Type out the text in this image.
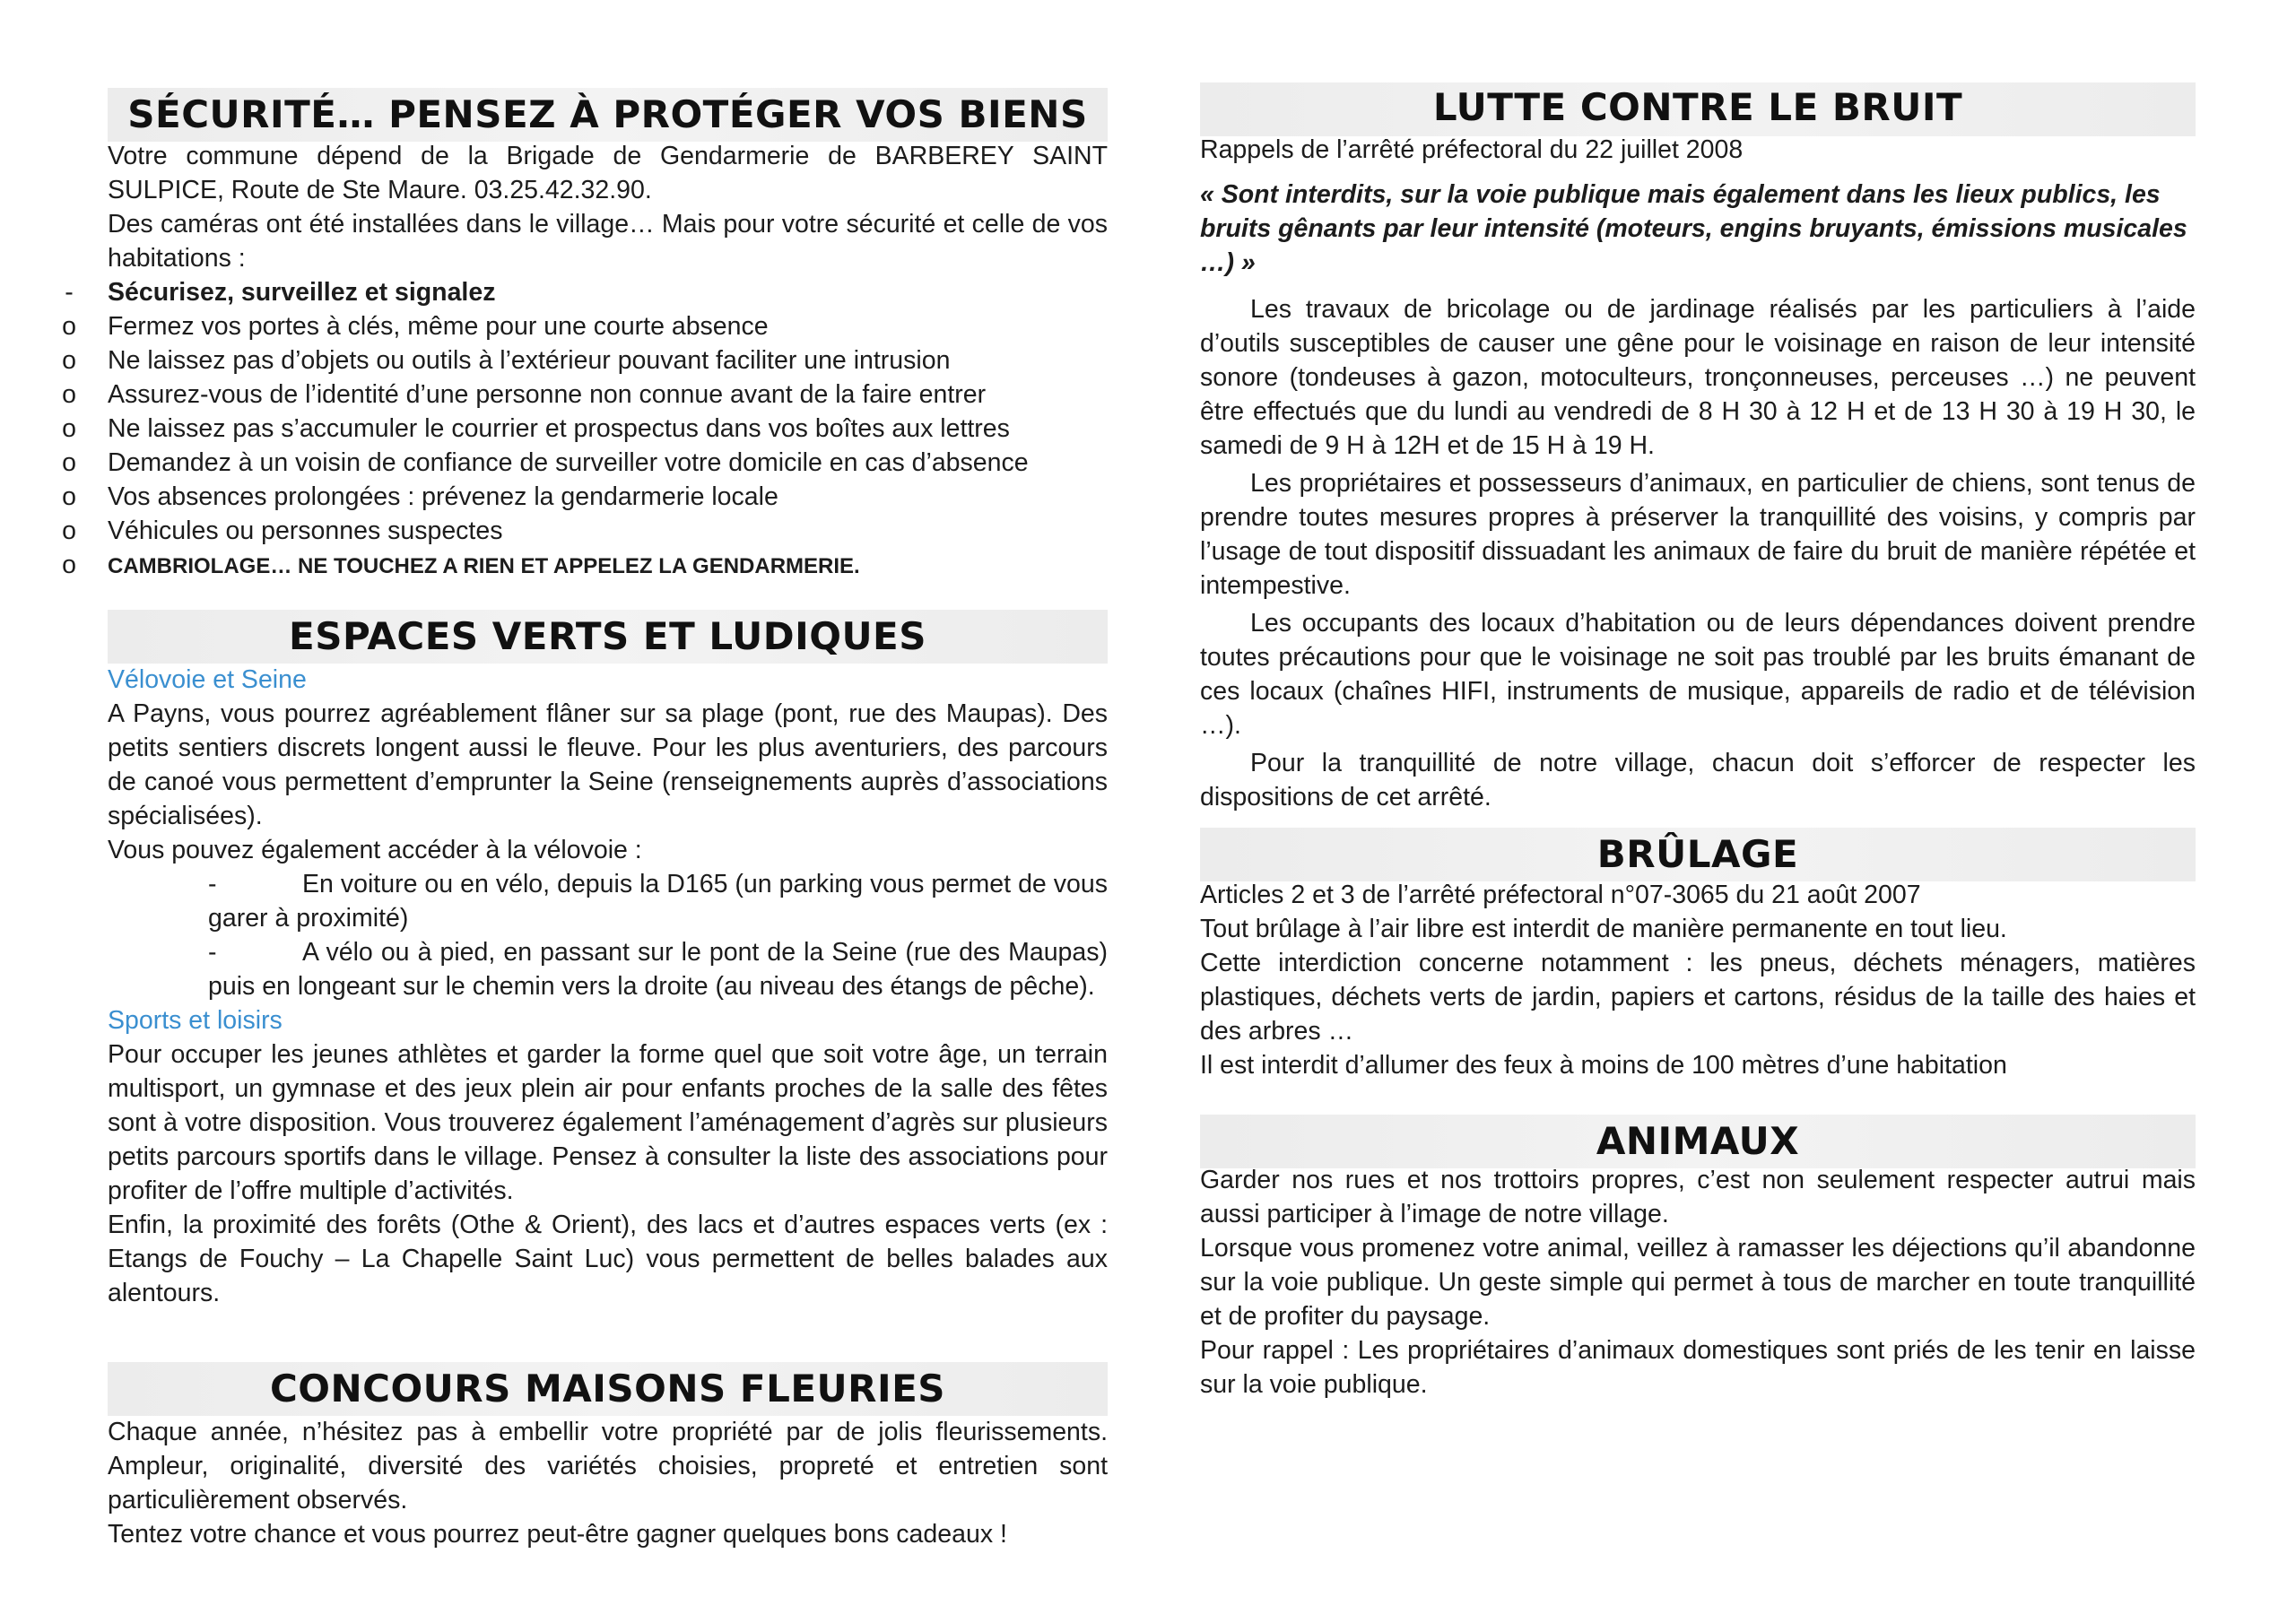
SÉCURITÉ… PENSEZ À PROTÉGER VOS BIENS

Votre commune dépend de la Brigade de Gendarmerie de BARBEREY SAINT SULPICE, Route de Ste Maure. 03.25.42.32.90.

Des caméras ont été installées dans le village… Mais pour votre sécurité et celle de vos habitations :

-	Sécurisez, surveillez et signalez
o Fermez vos portes à clés, même pour une courte absence
o Ne laissez pas d’objets ou outils à l’extérieur pouvant faciliter une intrusion
o Assurez-vous de l’identité d’une personne non connue avant de la faire entrer
o Ne laissez pas s’accumuler le courrier et prospectus dans vos boîtes aux lettres
o Demandez à un voisin de confiance de surveiller votre domicile en cas d’absence
o Vos absences prolongées : prévenez la gendarmerie locale
o Véhicules ou personnes suspectes
o CAMBRIOLAGE… NE TOUCHEZ A RIEN ET APPELEZ LA GENDARMERIE.
ESPACES VERTS ET LUDIQUES

Vélovoie et Seine

A Payns, vous pourrez agréablement flâner sur sa plage (pont, rue des Maupas). Des petits sentiers discrets longent aussi le fleuve. Pour les plus aventuriers, des parcours de canoé vous permettent d’emprunter la Seine (renseignements auprès d’associations spécialisées).

Vous pouvez également accéder à la vélovoie :

-	En voiture ou en vélo, depuis la D165 (un parking vous permet de vous garer à proximité)

-	A vélo ou à pied, en passant sur le pont de la Seine (rue des Maupas) puis en longeant sur le chemin vers la droite (au niveau des étangs de pêche).

Sports et loisirs

Pour occuper les jeunes athlètes et garder la forme quel que soit votre âge, un terrain multisport, un gymnase et des jeux plein air pour enfants proches de la salle des fêtes sont à votre disposition. Vous trouverez également l’aménagement d’agrès sur plusieurs petits parcours sportifs dans le village. Pensez à consulter la liste des associations pour profiter de l’offre multiple d’activités.

Enfin, la proximité des forêts (Othe & Orient), des lacs et d’autres espaces verts (ex : Etangs de Fouchy – La Chapelle Saint Luc) vous permettent de belles balades aux alentours.

CONCOURS MAISONS FLEURIES

Chaque année, n’hésitez pas à embellir votre propriété par de jolis fleurissements. Ampleur, originalité, diversité des variétés choisies, propreté et entretien sont particulièrement observés.

Tentez votre chance et vous pourrez peut-être gagner quelques bons cadeaux !

LUTTE CONTRE LE BRUIT

Rappels de l’arrêté préfectoral du 22 juillet 2008

« Sont interdits, sur la voie publique mais également dans les lieux publics, les bruits gênants par leur intensité (moteurs, engins bruyants, émissions musicales …) »

Les travaux de bricolage ou de jardinage réalisés par les particuliers à l’aide d’outils susceptibles de causer une gêne pour le voisinage en raison de leur intensité sonore (tondeuses à gazon, motoculteurs, tronçonneuses, perceuses …) ne peuvent être effectués que du lundi au vendredi de 8 H 30 à 12 H et de 13 H 30 à 19 H 30, le samedi de 9 H à 12H et de 15 H à 19 H.

Les propriétaires et possesseurs d’animaux, en particulier de chiens, sont tenus de prendre toutes mesures propres à préserver la tranquillité des voisins, y compris par l’usage de tout dispositif dissuadant les animaux de faire du bruit de manière répétée et intempestive.

Les occupants des locaux d’habitation ou de leurs dépendances doivent prendre toutes précautions pour que le voisinage ne soit pas troublé par les bruits émanant de ces locaux (chaînes HIFI, instruments de musique, appareils de radio et de télévision …).

Pour la tranquillité de notre village, chacun doit s’efforcer de respecter les dispositions de cet arrêté.

BRÛLAGE

Articles 2 et 3 de l’arrêté préfectoral n°07-3065 du 21 août 2007

Tout brûlage à l’air libre est interdit de manière permanente en tout lieu.

Cette interdiction concerne notamment : les pneus, déchets ménagers, matières plastiques, déchets verts de jardin, papiers et cartons, résidus de la taille des haies et des arbres …

Il est interdit d’allumer des feux à moins de 100 mètres d’une habitation

ANIMAUX

Garder nos rues et nos trottoirs propres, c’est non seulement respecter autrui mais aussi participer à l’image de notre village.

Lorsque vous promenez votre animal, veillez à ramasser les déjections qu’il abandonne sur la voie publique. Un geste simple qui permet à tous de marcher en toute tranquillité et de profiter du paysage.

Pour rappel : Les propriétaires d’animaux domestiques sont priés de les tenir en laisse sur la voie publique.
